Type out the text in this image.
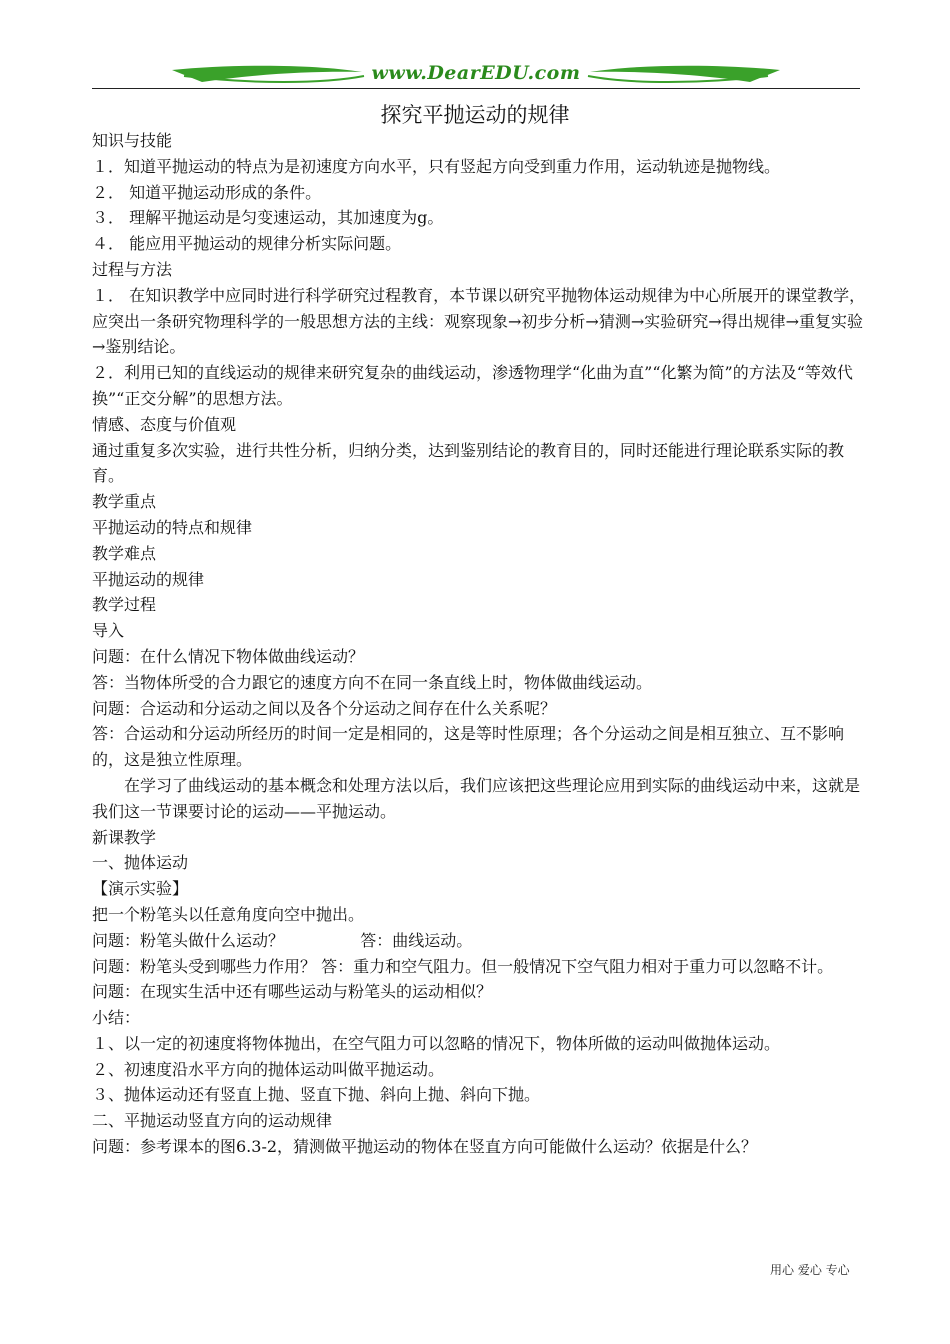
www.DearEDU.com
探究平抛运动的规律

知识与技能

１．知道平抛运动的特点为是初速度方向水平，只有竖起方向受到重力作用，运动轨迹是抛物线。

２． 知道平抛运动形成的条件。

３． 理解平抛运动是匀变速运动，其加速度为g。

４． 能应用平抛运动的规律分析实际问题。

过程与方法

１． 在知识教学中应同时进行科学研究过程教育，本节课以研究平抛物体运动规律为中心所展开的课堂教学，应突出一条研究物理科学的一般思想方法的主线：观察现象→初步分析→猜测→实验研究→得出规律→重复实验→鉴别结论。

２．利用已知的直线运动的规律来研究复杂的曲线运动，渗透物理学“化曲为直”“化繁为简”的方法及“等效代换”“正交分解”的思想方法。

情感、态度与价值观

通过重复多次实验，进行共性分析，归纳分类，达到鉴别结论的教育目的，同时还能进行理论联系实际的教育。

教学重点

平抛运动的特点和规律

教学难点

平抛运动的规律

教学过程

导入

问题：在什么情况下物体做曲线运动？

答：当物体所受的合力跟它的速度方向不在同一条直线上时，物体做曲线运动。

问题：合运动和分运动之间以及各个分运动之间存在什么关系呢？

答：合运动和分运动所经历的时间一定是相同的，这是等时性原理；各个分运动之间是相互独立、互不影响的，这是独立性原理。

在学习了曲线运动的基本概念和处理方法以后，我们应该把这些理论应用到实际的曲线运动中来，这就是我们这一节课要讨论的运动——平抛运动。

新课教学

一、抛体运动

【演示实验】

把一个粉笔头以任意角度向空中抛出。

问题：粉笔头做什么运动？               答：曲线运动。

问题：粉笔头受到哪些力作用？ 答：重力和空气阻力。但一般情况下空气阻力相对于重力可以忽略不计。

问题：在现实生活中还有哪些运动与粉笔头的运动相似？

小结：

１、以一定的初速度将物体抛出，在空气阻力可以忽略的情况下，物体所做的运动叫做抛体运动。

２、初速度沿水平方向的抛体运动叫做平抛运动。

３、抛体运动还有竖直上抛、竖直下抛、斜向上抛、斜向下抛。

二、平抛运动竖直方向的运动规律

问题：参考课本的图6.3-2，猜测做平抛运动的物体在竖直方向可能做什么运动？依据是什么？

用心 爱心 专心
